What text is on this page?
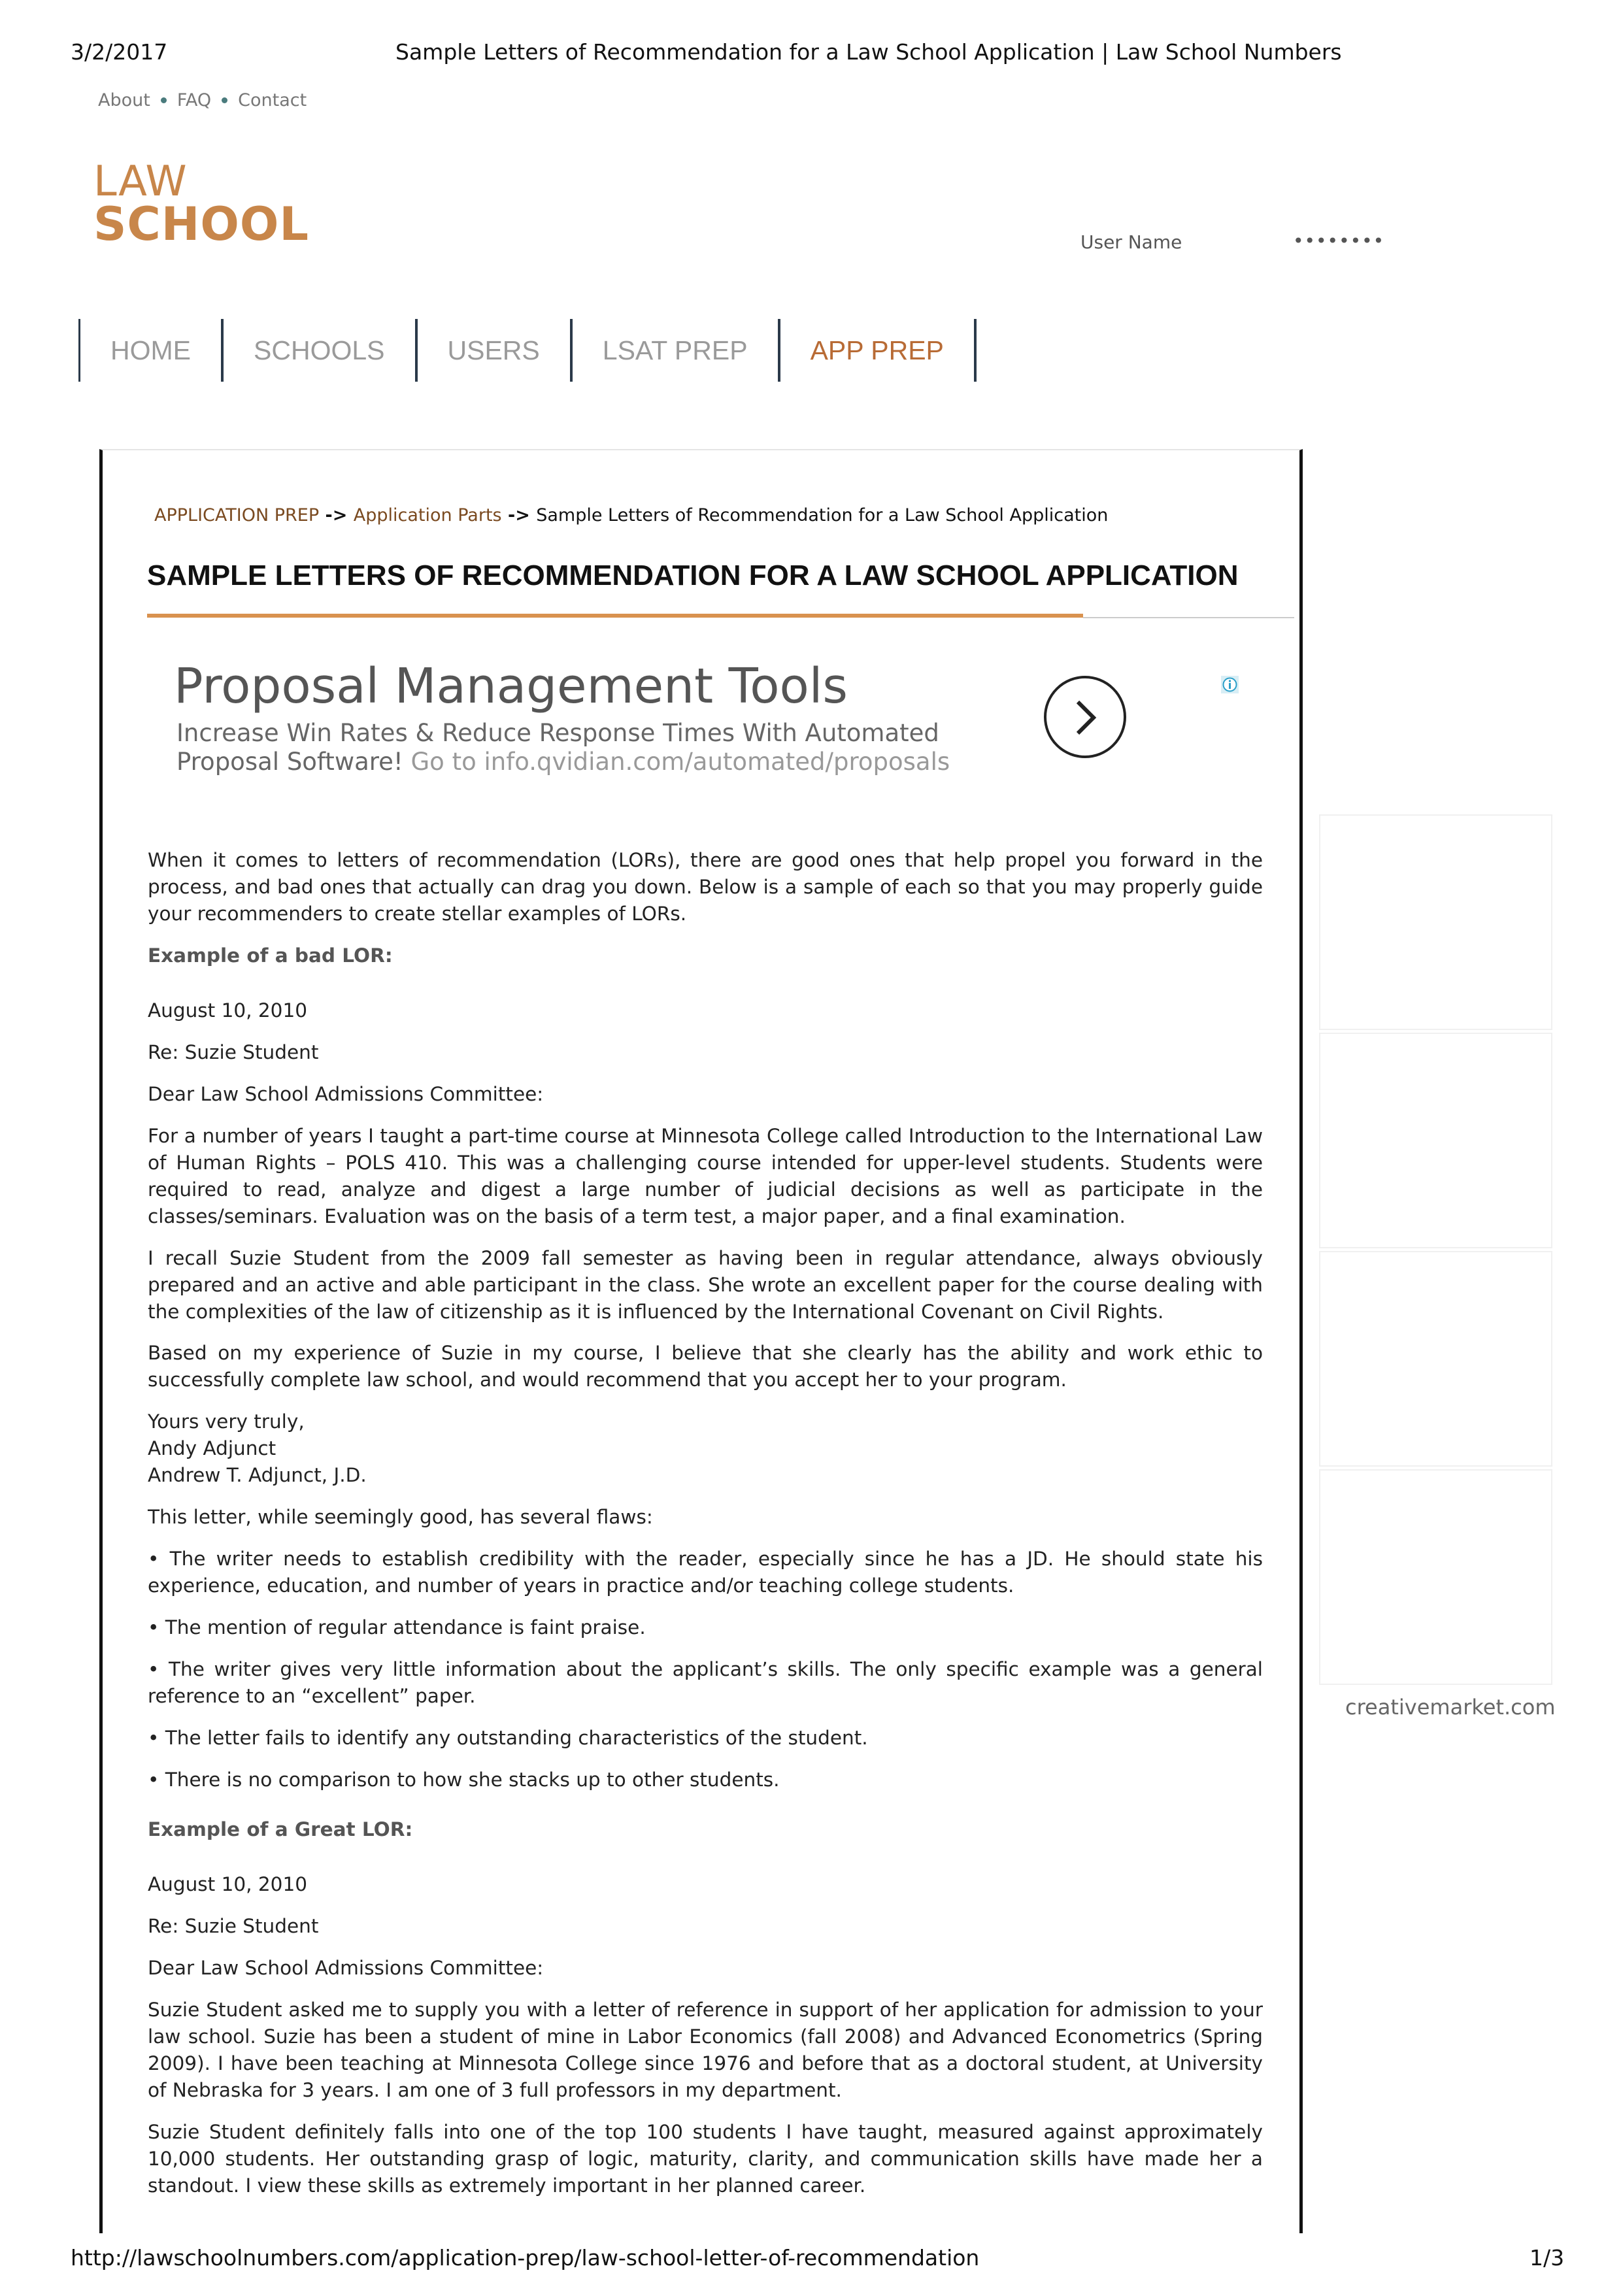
3/2/2017	Sample Letters of Recommendation for a Law School Application | Law School Numbers
About FAQ Contact
LAW
SCHOOL	User Name	••••••••
HOME	SCHOOLS	USERS	LSAT PREP	APP PREP
APPLICATION PREP -> Application Parts -> Sample Letters of Recommendation for a Law School Application
SAMPLE LETTERS OF RECOMMENDATION FOR A LAW SCHOOL APPLICATION
Proposal Management Tools
Increase Win Rates & Reduce Response Times With Automated Proposal Software! Go to info.qvidian.com/automated/proposals
creativemarket.com
When it comes to letters of recommendation (LORs), there are good ones that help propel you forward in the process, and bad ones that actually can drag you down. Below is a sample of each so that you may properly guide your recommenders to create stellar examples of LORs.
Example of a bad LOR:
August 10, 2010
Re: Suzie Student
Dear Law School Admissions Committee:
For a number of years I taught a part-time course at Minnesota College called Introduction to the International Law of Human Rights – POLS 410. This was a challenging course intended for upper-level students. Students were required to read, analyze and digest a large number of judicial decisions as well as participate in the classes/seminars. Evaluation was on the basis of a term test, a major paper, and a final examination.
I recall Suzie Student from the 2009 fall semester as having been in regular attendance, always obviously prepared and an active and able participant in the class. She wrote an excellent paper for the course dealing with the complexities of the law of citizenship as it is influenced by the International Covenant on Civil Rights.
Based on my experience of Suzie in my course, I believe that she clearly has the ability and work ethic to successfully complete law school, and would recommend that you accept her to your program.
Yours very truly,
Andy Adjunct
Andrew T. Adjunct, J.D.
This letter, while seemingly good, has several flaws:
• The writer needs to establish credibility with the reader, especially since he has a JD. He should state his experience, education, and number of years in practice and/or teaching college students.
• The mention of regular attendance is faint praise.
• The writer gives very little information about the applicant’s skills. The only specific example was a general reference to an “excellent” paper.
• The letter fails to identify any outstanding characteristics of the student.
• There is no comparison to how she stacks up to other students.
Example of a Great LOR:
August 10, 2010
Re: Suzie Student
Dear Law School Admissions Committee:
Suzie Student asked me to supply you with a letter of reference in support of her application for admission to your law school. Suzie has been a student of mine in Labor Economics (fall 2008) and Advanced Econometrics (Spring 2009). I have been teaching at Minnesota College since 1976 and before that as a doctoral student, at University of Nebraska for 3 years. I am one of 3 full professors in my department.
Suzie Student definitely falls into one of the top 100 students I have taught, measured against approximately 10,000 students. Her outstanding grasp of logic, maturity, clarity, and communication skills have made her a standout. I view these skills as extremely important in her planned career.
http://lawschoolnumbers.com/application-prep/law-school-letter-of-recommendation	1/3
